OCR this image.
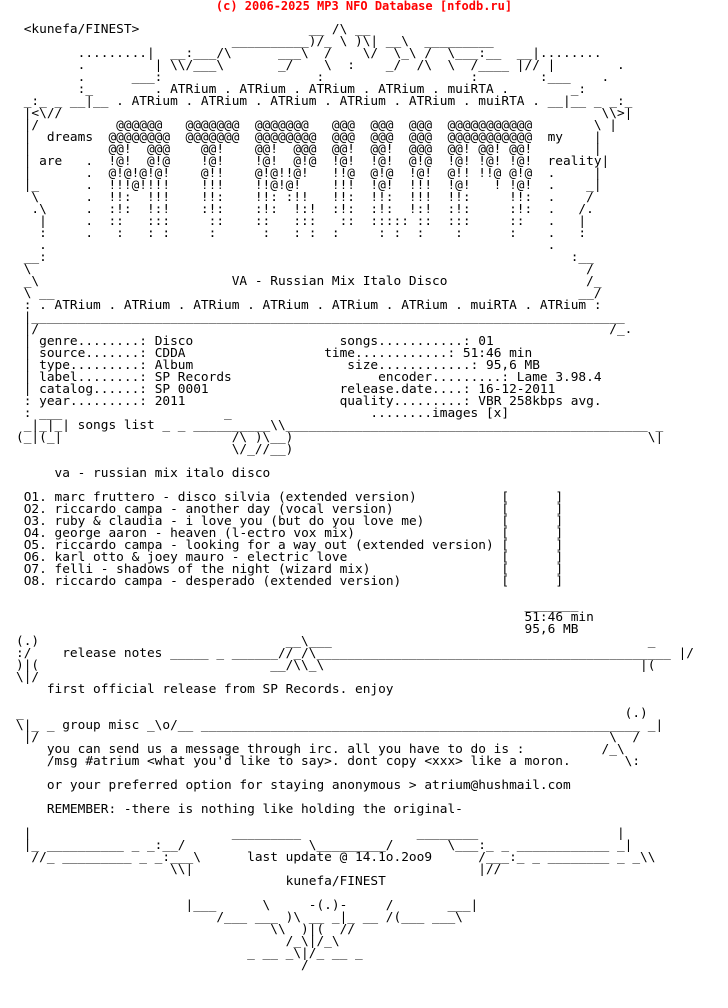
(c) 2006-2025 MP3 NFO Database [nfodb.ru]
<kunefa/FINEST>                      __ /\ __
__________)/_ \ )\| __\  _________
.........|  __:___/\      ___\  /    \/  \_\ /  \___:__  __|........
.         | \\/___\       _/    \  :    _/  /\  \  /____ |// |        .
.      ___:                    :                   :        :___    .
:_        . ATRium . ATRium . ATRium . ATRium . muiRTA .        _:
_:_ _ __|__ . ATRium . ATRium . ATRium . ATRium . ATRium . muiRTA . __|__ _ _:_
|<\//                                                                      \\>|
|/          @@@@@@   @@@@@@@  @@@@@@@   @@@  @@@  @@@  @@@@@@@@@@@        \ |
|  dreams  @@@@@@@@  @@@@@@@  @@@@@@@@  @@@  @@@  @@@  @@@@@@@@@@@  my    |
|          @@!  @@@    @@!    @@!  @@@  @@!  @@!  @@@  @@! @@! @@!        |
| are   .  !@!  @!@    !@!    !@!  @!@  !@!  !@!  @!@  !@! !@! !@!  reality|
|       .  @!@!@!@!    @!!    @!@!!@!   !!@  @!@  !@!  @!! !!@ @!@  .     |
|_      .  !!!@!!!!    !!!    !!@!@!    !!!  !@!  !!!  !@!   ! !@!  .    _|
\      .  !!:  !!!    !!:    !!: :!!   !!:  !!:  !!!  !!:     !!:  .    /
.\     .  :!:  !:!    :!:    :!:  !:!  :!:  :!:  !:!  :!:     :!:  .   /.
|     .  ::   :::     ::    ::   :::   ::  ::::: ::  :::     ::   .   |
:     .   :   : :     :      :   : :  :     : :  :    :      :    .   :
.                                                                 .
__:                                                                    :__
\                                                                        /
_\                         VA - Russian Mix Italo Disco                  /_
\ __                                                                    __/
: . ATRium . ATRium . ATRium . ATRium . ATRium . ATRium . muiRTA . ATRium :
|_____________________________________________________________________________
|/                                                                          /_.
| genre........: Disco                   songs...........: 01
| source.......: CDDA                  time............: 51:46 min
| type.........: Album                    size............: 95,6 MB
| label........: SP Records                   encoder.........: Lame 3.98.4
| catalog......: SP 0001                 release.date....: 16-12-2011
: year.........: 2011                    quality.........: VBR 258kbps avg.
: ___                     _                  ........images [x]
_|_|_| songs list _ _ __________\\_______________________________________________ _
(_|(_|                      /\ )\__)                                              \|
\/_//__)
va - russian mix italo disco
O1. marc fruttero - disco silvia (extended version)           [      ]
O2. riccardo campa - another day (vocal version)              [      ]
O3. ruby & claudia - i love you (but do you love me)          [      ]
O4. george aaron - heaven (l-ectro vox mix)                   [      ]
O5. riccardo campa - looking for a way out (extended version) [      ]
O6. karl otto & joey mauro - electric love                    [      ]
O7. felli - shadows of the night (wizard mix)                 [      ]
O8. riccardo campa - desperado (extended version)             [      ]
_______
51:46 min
95,6 MB
(.)                                __\___                                         _
:/    release notes _____ _ ______//_/\______________________________________________ |/
)|(                              __/\\_\                                         |(
\|/
first official release from SP Records. enjoy
_                                                                              (.)
\|_ _ group misc _\o/__ _________________________________________________________ _|
|/                                                                          \  /
you can send us a message through irc. all you have to do is :          /_\
/msg #atrium <what you'd like to say>. dont copy <xxx> like a moron.       \:
or your preferred option for staying anonymous > atrium@hushmail.com
REMEMBER: -there is nothing like holding the original-
|                          _________               ________                  |
|_ __________ _ _:__/                \_________/       \___:_ _ ____________ _|
//_ _________ _ _:___\      last update @ 14.1o.2oo9      /___:_ _ ________ _ _\\
\\|                                     |//
kunefa/FINEST
|___      \     -(.)-     /       ___|
/___ ___ )\ __ _|_ __ /(___ ___\
\\  )|(  //
/_\|/_\
_ __ _\|/_ __ _
/
